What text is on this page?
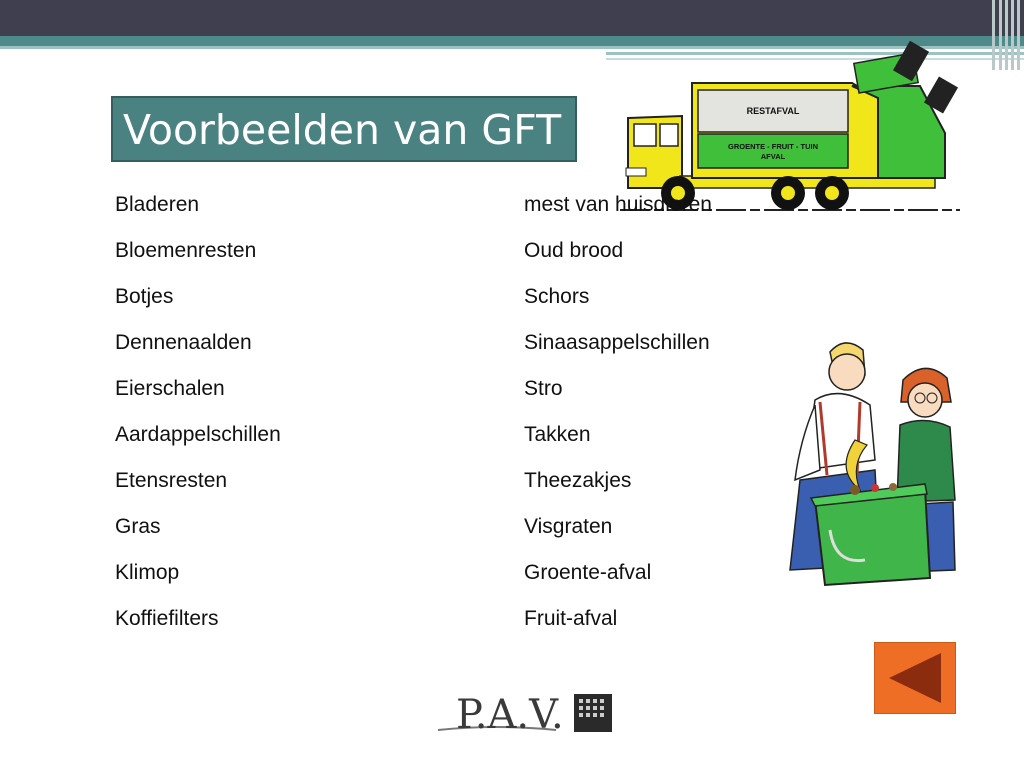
Voorbeelden van GFT	RESTAFVAL
GROENTE - FRUIT - TUIN
AFVAL
Bladeren
Bloemenresten
Botjes
Dennenaalden
Eierschalen
Aardappelschillen
Etensresten
Gras
Klimop
Koffiefilters
mest van huisdieren
Oud brood
Schors
Sinaasappelschillen
Stro
Takken
Theezakjes
Visgraten
Groente-afval
Fruit-afval
P.A.V.
